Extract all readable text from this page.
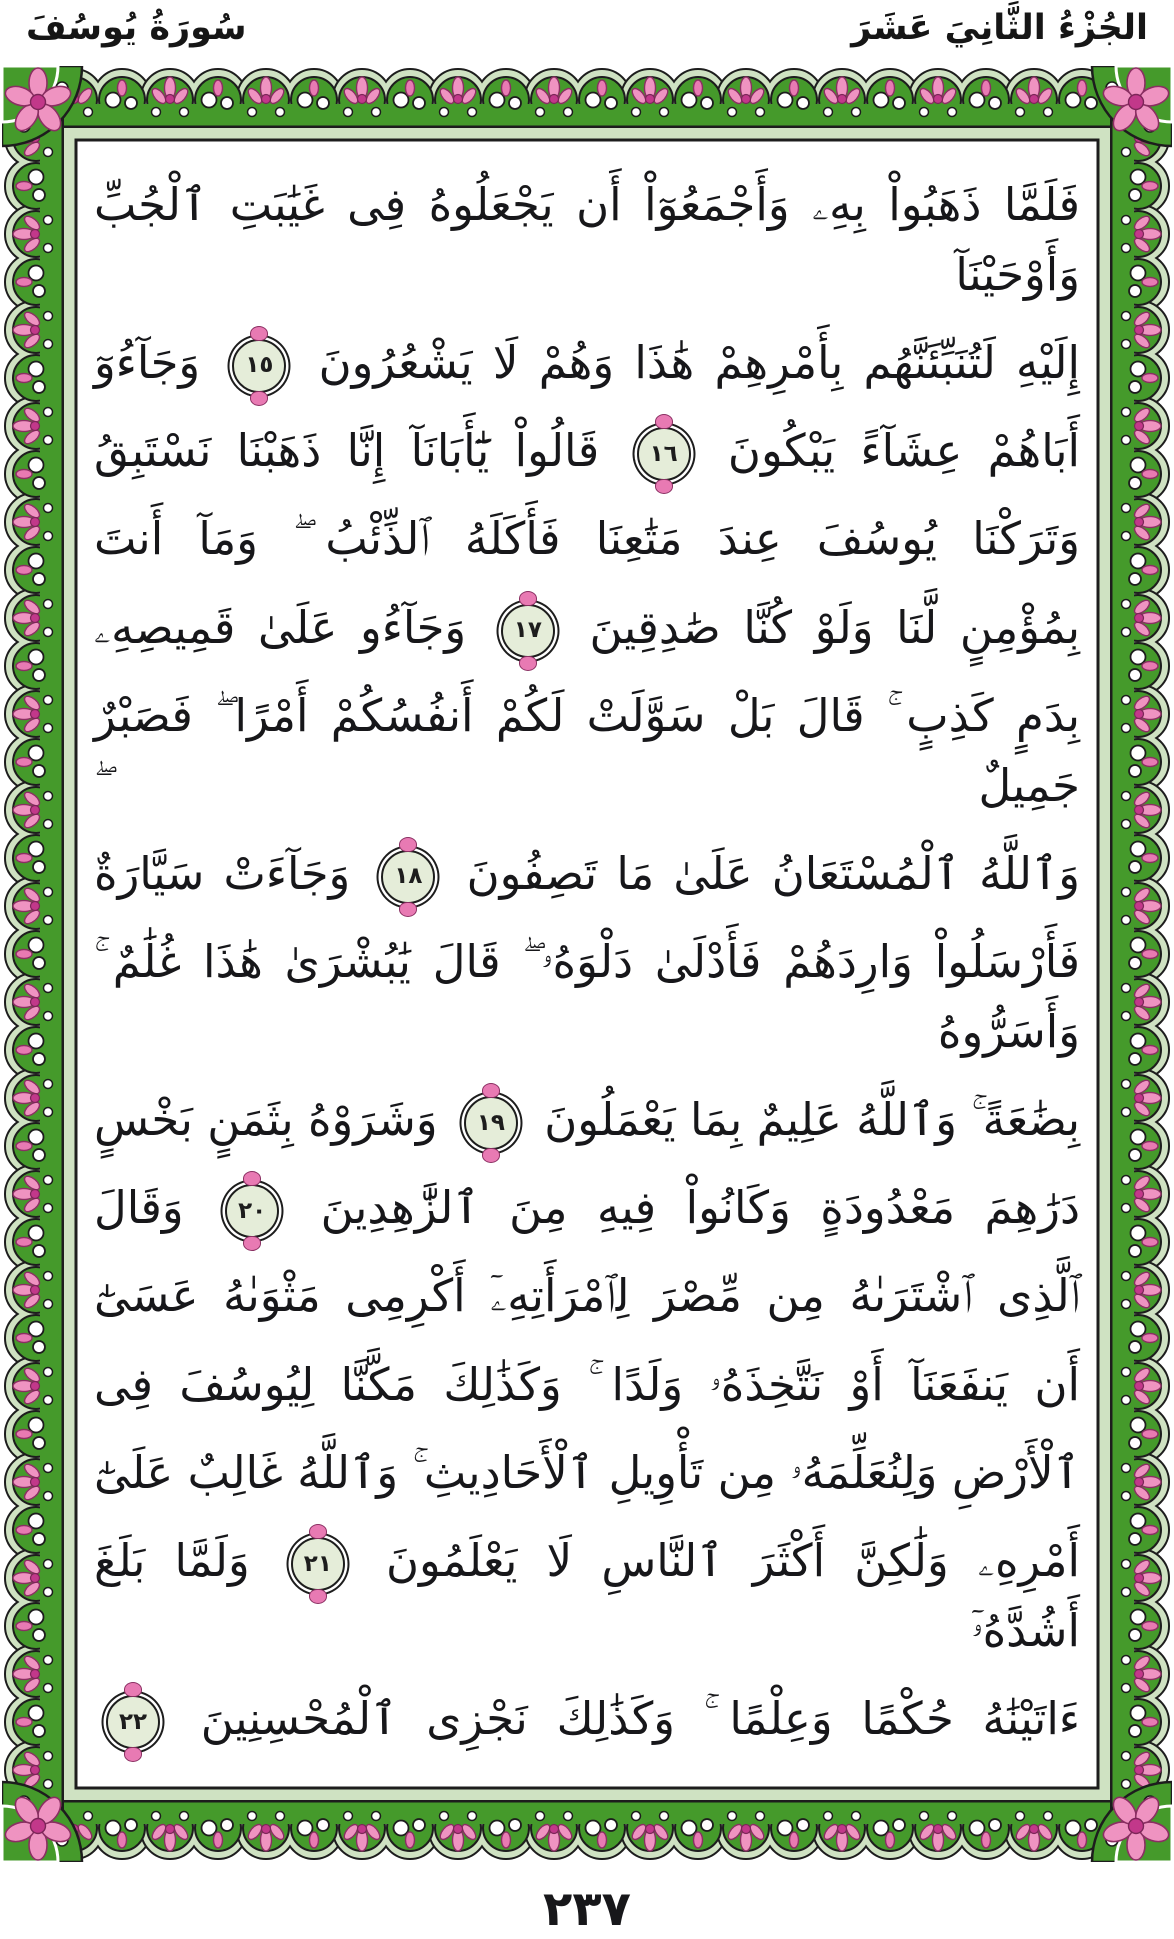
الجُزْءُ الثَّانِيَ عَشَرَ
سُورَةُ يُوسُفَ
فَلَمَّا ذَهَبُواْ بِهِۦ وَأَجْمَعُوٓاْ أَن يَجْعَلُوهُ فِى غَيَٰبَتِ ٱلْجُبِّ وَأَوْحَيْنَآ
إِلَيْهِ لَتُنَبِّئَنَّهُم بِأَمْرِهِمْ هَٰذَا وَهُمْ لَا يَشْعُرُونَ
١٥
وَجَآءُوٓ
أَبَاهُمْ عِشَآءً يَبْكُونَ
١٦
قَالُواْ يَٰٓأَبَانَآ إِنَّا ذَهَبْنَا نَسْتَبِقُ
وَتَرَكْنَا يُوسُفَ عِندَ مَتَٰعِنَا فَأَكَلَهُ ٱلذِّئْبُ ۖ وَمَآ أَنتَ
بِمُؤْمِنٍ لَّنَا وَلَوْ كُنَّا صَٰدِقِينَ
١٧
وَجَآءُو عَلَىٰ قَمِيصِهِۦ
بِدَمٍ كَذِبٍ ۚ قَالَ بَلْ سَوَّلَتْ لَكُمْ أَنفُسُكُمْ أَمْرًا ۖ فَصَبْرٌ جَمِيلٌ ۖ
وَٱللَّهُ ٱلْمُسْتَعَانُ عَلَىٰ مَا تَصِفُونَ
١٨
وَجَآءَتْ سَيَّارَةٌ
فَأَرْسَلُواْ وَارِدَهُمْ فَأَدْلَىٰ دَلْوَهُۥ ۖ قَالَ يَٰبُشْرَىٰ هَٰذَا غُلَٰمٌ ۚ وَأَسَرُّوهُ
بِضَٰعَةً ۚ وَٱللَّهُ عَلِيمٌ بِمَا يَعْمَلُونَ
١٩
وَشَرَوْهُ بِثَمَنٍ بَخْسٍ
دَرَٰهِمَ مَعْدُودَةٍ وَكَانُواْ فِيهِ مِنَ ٱلزَّٰهِدِينَ
٢٠
وَقَالَ
ٱلَّذِى ٱشْتَرَىٰهُ مِن مِّصْرَ لِٱمْرَأَتِهِۦٓ أَكْرِمِى مَثْوَىٰهُ عَسَىٰٓ
أَن يَنفَعَنَآ أَوْ نَتَّخِذَهُۥ وَلَدًا ۚ وَكَذَٰلِكَ مَكَّنَّا لِيُوسُفَ فِى
ٱلْأَرْضِ وَلِنُعَلِّمَهُۥ مِن تَأْوِيلِ ٱلْأَحَادِيثِ ۚ وَٱللَّهُ غَالِبٌ عَلَىٰٓ
أَمْرِهِۦ وَلَٰكِنَّ أَكْثَرَ ٱلنَّاسِ لَا يَعْلَمُونَ
٢١
وَلَمَّا بَلَغَ أَشُدَّهُۥٓ
ءَاتَيْنَٰهُ حُكْمًا وَعِلْمًا ۚ وَكَذَٰلِكَ نَجْزِى ٱلْمُحْسِنِينَ
٢٢
٢٣٧
